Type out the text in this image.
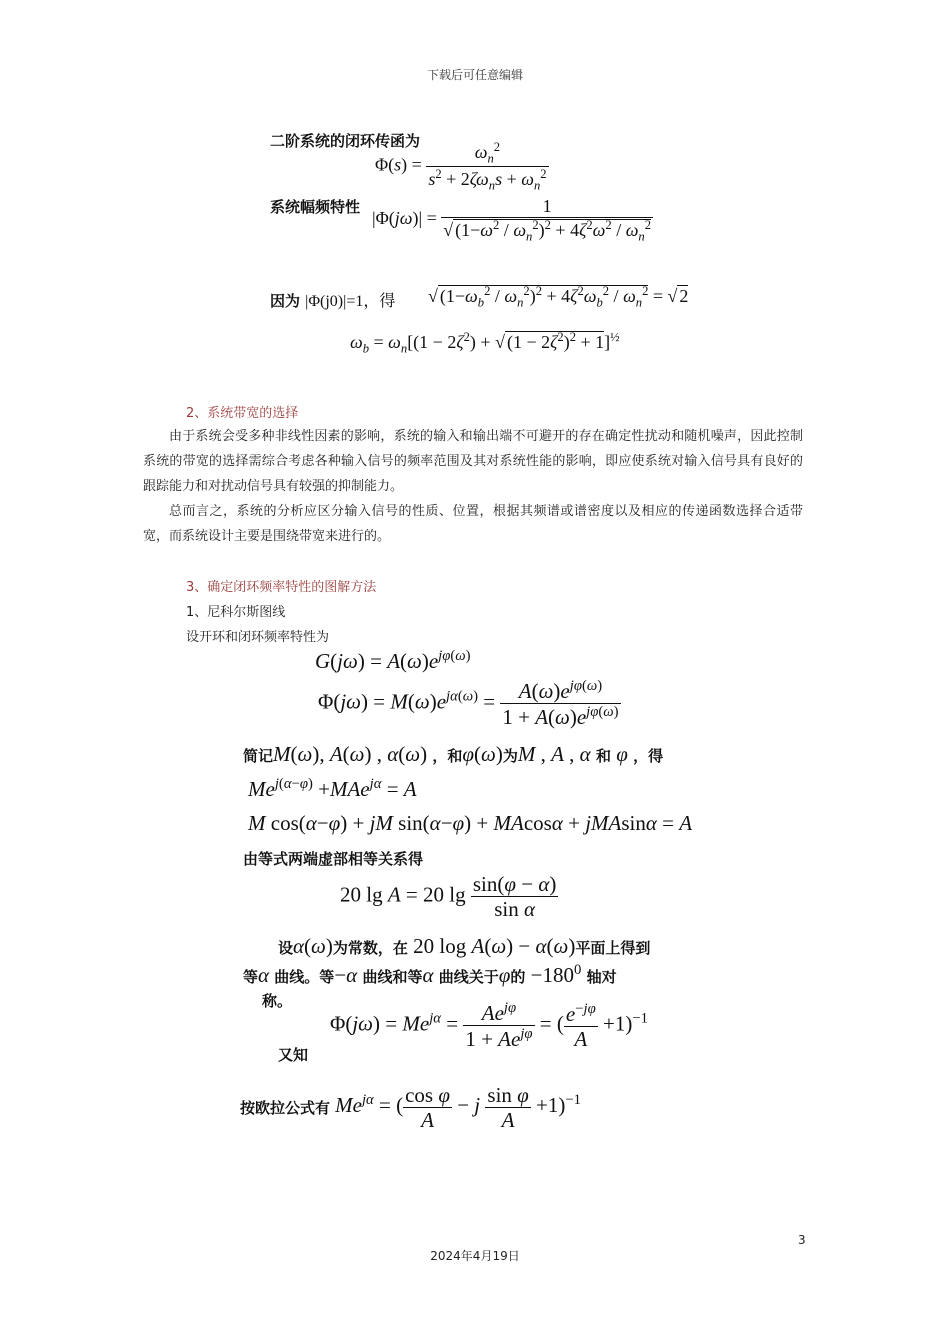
下载后可任意编辑
二阶系统的闭环传函为
$\Phi(s) = \frac{\omega_n^2}{s^2 + 2\zeta\omega_ns + \omega_n^2}$
系统幅频特性
$|\Phi(j\omega)| = \frac{1}{√ (1-\omega^2 / \omega_n^2)^2 + 4\zeta^2\omega^2 / \omega_n^2}$
因为 |Φ(j0)|=1，得 √ $(1-\omega_b^2 / \omega_n^2)^2 + 4\zeta^2\omega_b^2 / \omega_n^2$ = √ 2
$\omega_b = \omega_n[(1 - 2\zeta^2)$ + √ $(1 - 2\zeta^2)^2 + 1]^{\frac{1}{2}}$
2、系统带宽的选择
由于系统会受多种非线性因素的影响，系统的输入和输出端不可避开的存在确定性扰动和随机噪声，因此控制系统的带宽的选择需综合考虑各种输入信号的频率范围及其对系统性能的影响，即应使系统对输入信号具有良好的跟踪能力和对扰动信号具有较强的抑制能力。
总而言之，系统的分析应区分输入信号的性质、位置，根据其频谱或谱密度以及相应的传递函数选择合适带宽，而系统设计主要是围绕带宽来进行的。
3、确定闭环频率特性的图解方法
1、尼科尔斯图线
设开环和闭环频率特性为
$G(j\omega) = A(\omega)e^{j\varphi(\omega)}$
$\Phi(j\omega) = M(\omega)e^{j\alpha(\omega)} = \frac{A(\omega)e^{j\varphi(\omega)}}{1 + A(\omega)e^{j\varphi(\omega)}}$
简记M(ω), A(ω) , α(ω) ，和φ(ω)为M , A , α 和 φ ，得
$Me^{j(\alpha-\varphi)} +MAe^{j\alpha} = A$
M cos(α−φ) + jM sin(α−φ) + MAcosα + jMAsinα = A
由等式两端虚部相等关系得
20 lg A = 20 $\lg \frac{\sin(\varphi - \alpha)}{\text{sin α}}$
设α(ω)为常数，在 20 log A(ω) − α(ω)平面上得到
等α 曲线。等−α 曲线和等α 曲线关于φ的 $-180^0$ 轴对
称。
$\Phi(j\omega) = Me^{j\alpha} = \frac{Ae^{j\varphi}}{1 + Ae^{j\varphi}}$ = ( $\frac{e^{-j\varphi}}{A} +1)^{-1}$
又知
按欧拉公式有 $Me^{j\alpha}$ = ( $\frac{\text{cos φ}}{A} - j \frac{\text{sin φ}}{A} +1)^{-1}$
3
2024年4月19日
